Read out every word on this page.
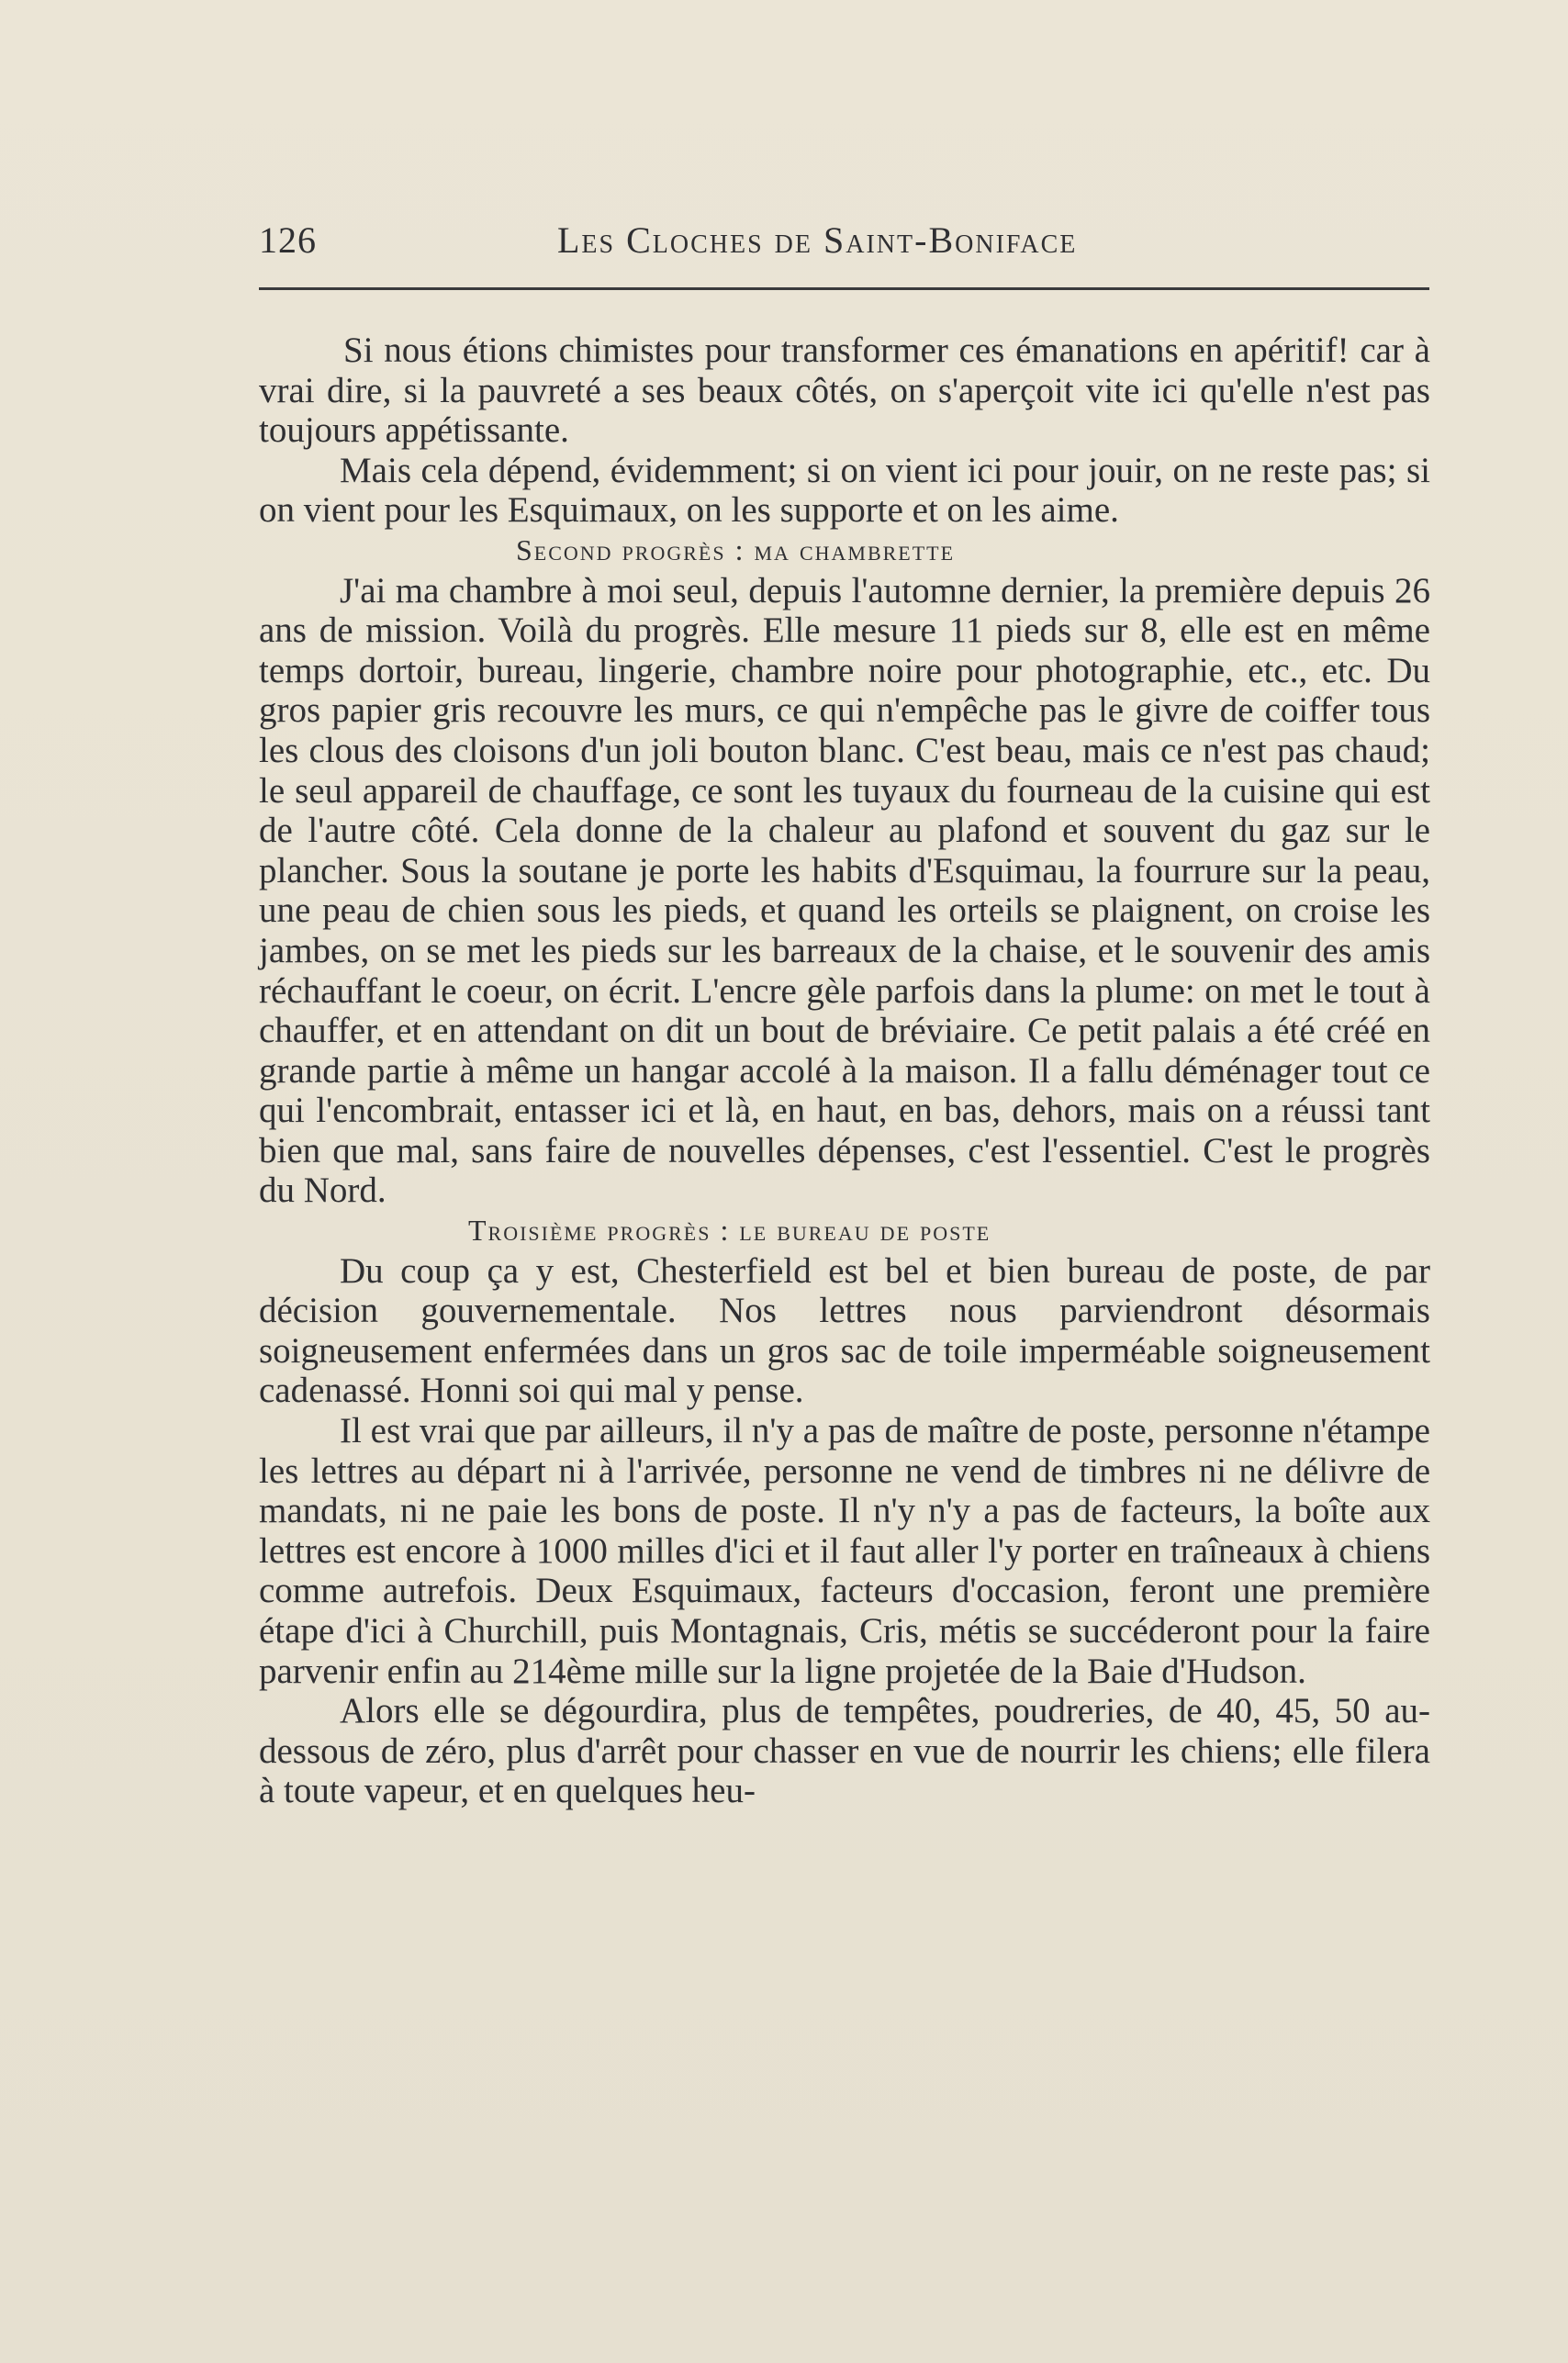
126	Les Cloches de Saint-Boniface

Si nous étions chimistes pour transformer ces émanations en apéritif! car à vrai dire, si la pauvreté a ses beaux côtés, on s'aperçoit vite ici qu'elle n'est pas toujours appétissante.

Mais cela dépend, évidemment; si on vient ici pour jouir, on ne reste pas; si on vient pour les Esquimaux, on les supporte et on les aime.

Second progrès : ma chambrette

J'ai ma chambre à moi seul, depuis l'automne dernier, la première depuis 26 ans de mission. Voilà du progrès. Elle mesure 11 pieds sur 8, elle est en même temps dortoir, bureau, lingerie, chambre noire pour photographie, etc., etc. Du gros papier gris recouvre les murs, ce qui n'empêche pas le givre de coiffer tous les clous des cloisons d'un joli bouton blanc. C'est beau, mais ce n'est pas chaud; le seul appareil de chauffage, ce sont les tuyaux du fourneau de la cuisine qui est de l'autre côté. Cela donne de la chaleur au plafond et souvent du gaz sur le plancher. Sous la soutane je porte les habits d'Esquimau, la fourrure sur la peau, une peau de chien sous les pieds, et quand les orteils se plaignent, on croise les jambes, on se met les pieds sur les barreaux de la chaise, et le souvenir des amis réchauffant le coeur, on écrit. L'encre gèle parfois dans la plume: on met le tout à chauffer, et en attendant on dit un bout de bréviaire. Ce petit palais a été créé en grande partie à même un hangar accolé à la maison. Il a fallu déménager tout ce qui l'encombrait, entasser ici et là, en haut, en bas, dehors, mais on a réussi tant bien que mal, sans faire de nouvelles dépenses, c'est l'essentiel. C'est le progrès du Nord.

Troisième progrès : le bureau de poste

Du coup ça y est, Chesterfield est bel et bien bureau de poste, de par décision gouvernementale. Nos lettres nous parviendront désormais soigneusement enfermées dans un gros sac de toile imperméable soigneusement cadenassé. Honni soi qui mal y pense.

Il est vrai que par ailleurs, il n'y a pas de maître de poste, personne n'étampe les lettres au départ ni à l'arrivée, personne ne vend de timbres ni ne délivre de mandats, ni ne paie les bons de poste. Il n'y n'y a pas de facteurs, la boîte aux lettres est encore à 1000 milles d'ici et il faut aller l'y porter en traîneaux à chiens comme autrefois. Deux Esquimaux, facteurs d'occasion, feront une première étape d'ici à Churchill, puis Montagnais, Cris, métis se succéderont pour la faire parvenir enfin au 214ème mille sur la ligne projetée de la Baie d'Hudson.

Alors elle se dégourdira, plus de tempêtes, poudreries, de 40, 45, 50 au-dessous de zéro, plus d'arrêt pour chasser en vue de nourrir les chiens; elle filera à toute vapeur, et en quelques heu-
